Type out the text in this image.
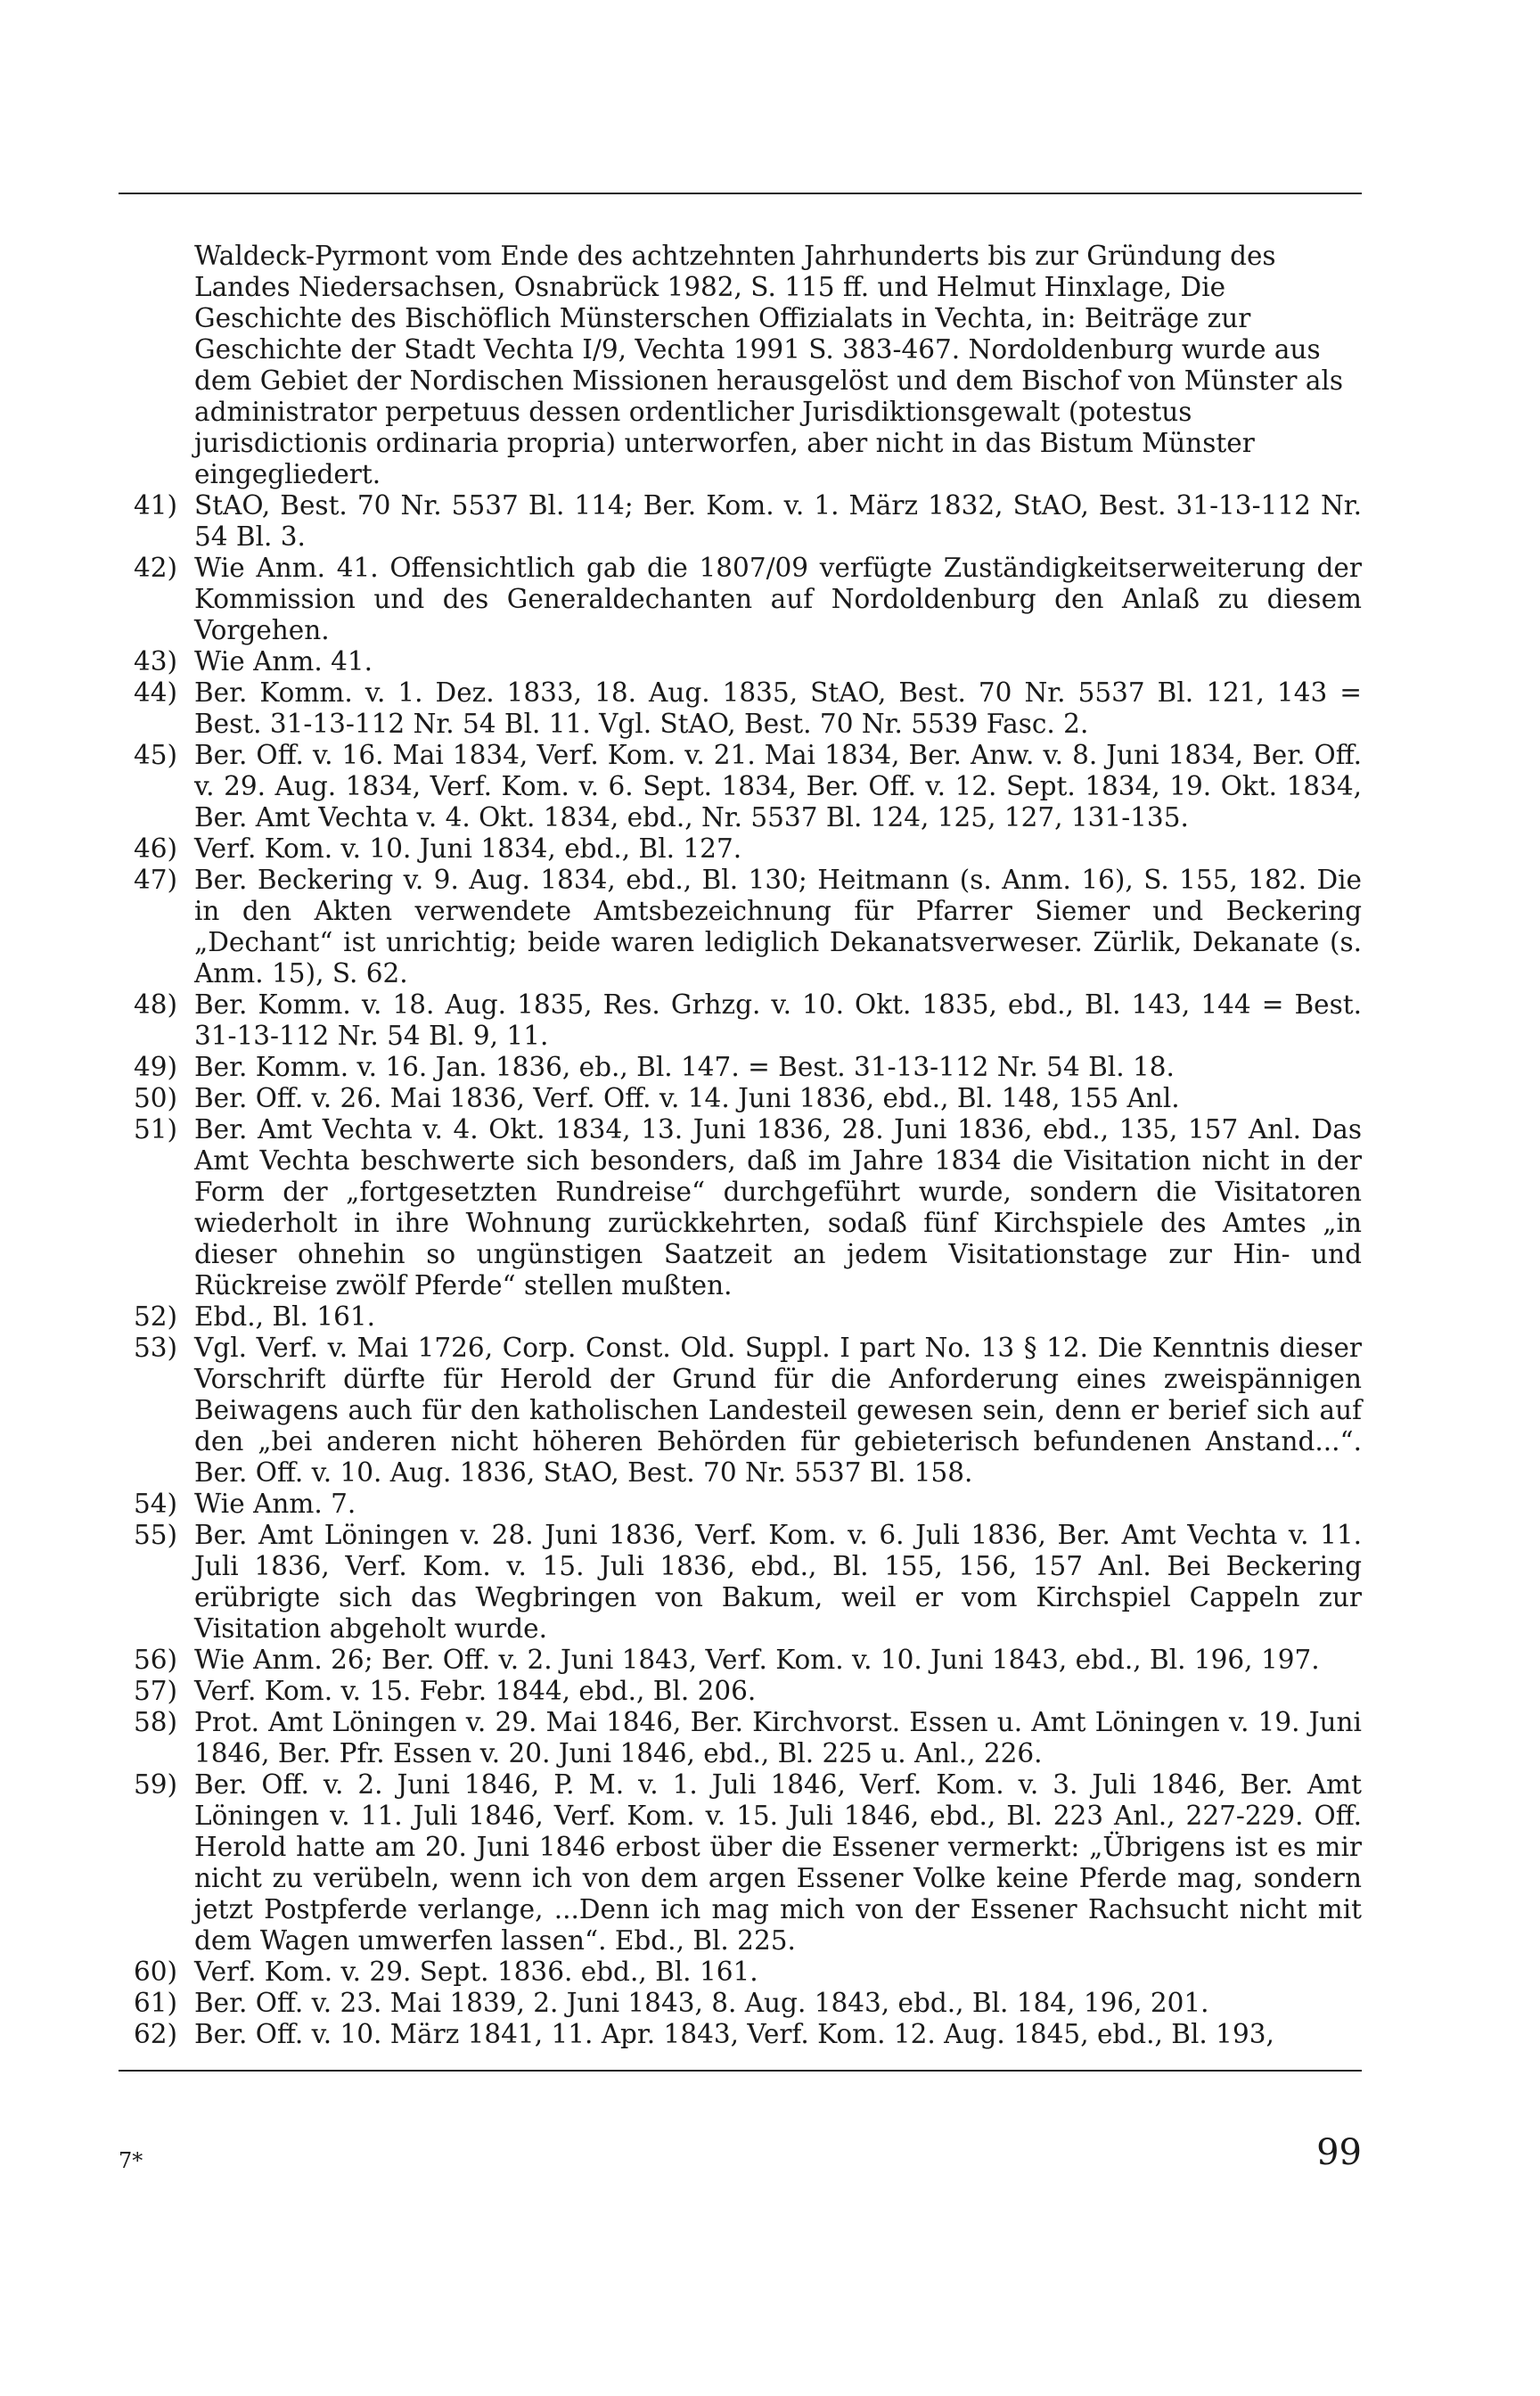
Waldeck-Pyrmont vom Ende des achtzehnten Jahrhunderts bis zur Gründung des Landes Niedersachsen, Osnabrück 1982, S. 115 ff. und Helmut Hinxlage, Die Geschichte des Bischöflich Münsterschen Offizialats in Vechta, in: Beiträge zur Geschichte der Stadt Vechta I/9, Vechta 1991 S. 383-467. Nordoldenburg wurde aus dem Gebiet der Nordischen Missionen herausgelöst und dem Bischof von Münster als administrator perpetuus dessen ordentlicher Jurisdiktionsgewalt (potestus jurisdictionis ordinaria propria) unterworfen, aber nicht in das Bistum Münster eingegliedert.
41) StAO, Best. 70 Nr. 5537 Bl. 114; Ber. Kom. v. 1. März 1832, StAO, Best. 31-13-112 Nr. 54 Bl. 3.
42) Wie Anm. 41. Offensichtlich gab die 1807/09 verfügte Zuständigkeitserweiterung der Kommission und des Generaldechanten auf Nordoldenburg den Anlaß zu diesem Vorgehen.
43) Wie Anm. 41.
44) Ber. Komm. v. 1. Dez. 1833, 18. Aug. 1835, StAO, Best. 70 Nr. 5537 Bl. 121, 143 = Best. 31-13-112 Nr. 54 Bl. 11. Vgl. StAO, Best. 70 Nr. 5539 Fasc. 2.
45) Ber. Off. v. 16. Mai 1834, Verf. Kom. v. 21. Mai 1834, Ber. Anw. v. 8. Juni 1834, Ber. Off. v. 29. Aug. 1834, Verf. Kom. v. 6. Sept. 1834, Ber. Off. v. 12. Sept. 1834, 19. Okt. 1834, Ber. Amt Vechta v. 4. Okt. 1834, ebd., Nr. 5537 Bl. 124, 125, 127, 131-135.
46) Verf. Kom. v. 10. Juni 1834, ebd., Bl. 127.
47) Ber. Beckering v. 9. Aug. 1834, ebd., Bl. 130; Heitmann (s. Anm. 16), S. 155, 182. Die in den Akten verwendete Amtsbezeichnung für Pfarrer Siemer und Beckering „Dechant“ ist unrichtig; beide waren lediglich Dekanatsverweser. Zürlik, Dekanate (s. Anm. 15), S. 62.
48) Ber. Komm. v. 18. Aug. 1835, Res. Grhzg. v. 10. Okt. 1835, ebd., Bl. 143, 144 = Best. 31-13-112 Nr. 54 Bl. 9, 11.
49) Ber. Komm. v. 16. Jan. 1836, eb., Bl. 147. = Best. 31-13-112 Nr. 54 Bl. 18.
50) Ber. Off. v. 26. Mai 1836, Verf. Off. v. 14. Juni 1836, ebd., Bl. 148, 155 Anl.
51) Ber. Amt Vechta v. 4. Okt. 1834, 13. Juni 1836, 28. Juni 1836, ebd., 135, 157 Anl. Das Amt Vechta beschwerte sich besonders, daß im Jahre 1834 die Visitation nicht in der Form der „fortgesetzten Rundreise“ durchgeführt wurde, sondern die Visitatoren wiederholt in ihre Wohnung zurückkehrten, sodaß fünf Kirchspiele des Amtes „in dieser ohnehin so ungünstigen Saatzeit an jedem Visitationstage zur Hin- und Rückreise zwölf Pferde“ stellen mußten.
52) Ebd., Bl. 161.
53) Vgl. Verf. v. Mai 1726, Corp. Const. Old. Suppl. I part No. 13 § 12. Die Kenntnis dieser Vorschrift dürfte für Herold der Grund für die Anforderung eines zweispännigen Beiwagens auch für den katholischen Landesteil gewesen sein, denn er berief sich auf den „bei anderen nicht höheren Behörden für gebieterisch befundenen Anstand...“. Ber. Off. v. 10. Aug. 1836, StAO, Best. 70 Nr. 5537 Bl. 158.
54) Wie Anm. 7.
55) Ber. Amt Löningen v. 28. Juni 1836, Verf. Kom. v. 6. Juli 1836, Ber. Amt Vechta v. 11. Juli 1836, Verf. Kom. v. 15. Juli 1836, ebd., Bl. 155, 156, 157 Anl. Bei Beckering erübrigte sich das Wegbringen von Bakum, weil er vom Kirchspiel Cappeln zur Visitation abgeholt wurde.
56) Wie Anm. 26; Ber. Off. v. 2. Juni 1843, Verf. Kom. v. 10. Juni 1843, ebd., Bl. 196, 197.
57) Verf. Kom. v. 15. Febr. 1844, ebd., Bl. 206.
58) Prot. Amt Löningen v. 29. Mai 1846, Ber. Kirchvorst. Essen u. Amt Löningen v. 19. Juni 1846, Ber. Pfr. Essen v. 20. Juni 1846, ebd., Bl. 225 u. Anl., 226.
59) Ber. Off. v. 2. Juni 1846, P. M. v. 1. Juli 1846, Verf. Kom. v. 3. Juli 1846, Ber. Amt Löningen v. 11. Juli 1846, Verf. Kom. v. 15. Juli 1846, ebd., Bl. 223 Anl., 227-229. Off. Herold hatte am 20. Juni 1846 erbost über die Essener vermerkt: „Übrigens ist es mir nicht zu verübeln, wenn ich von dem argen Essener Volke keine Pferde mag, sondern jetzt Postpferde verlange, ...Denn ich mag mich von der Essener Rachsucht nicht mit dem Wagen umwerfen lassen“. Ebd., Bl. 225.
60) Verf. Kom. v. 29. Sept. 1836. ebd., Bl. 161.
61) Ber. Off. v. 23. Mai 1839, 2. Juni 1843, 8. Aug. 1843, ebd., Bl. 184, 196, 201.
62) Ber. Off. v. 10. März 1841, 11. Apr. 1843, Verf. Kom. 12. Aug. 1845, ebd., Bl. 193,
7*	99
